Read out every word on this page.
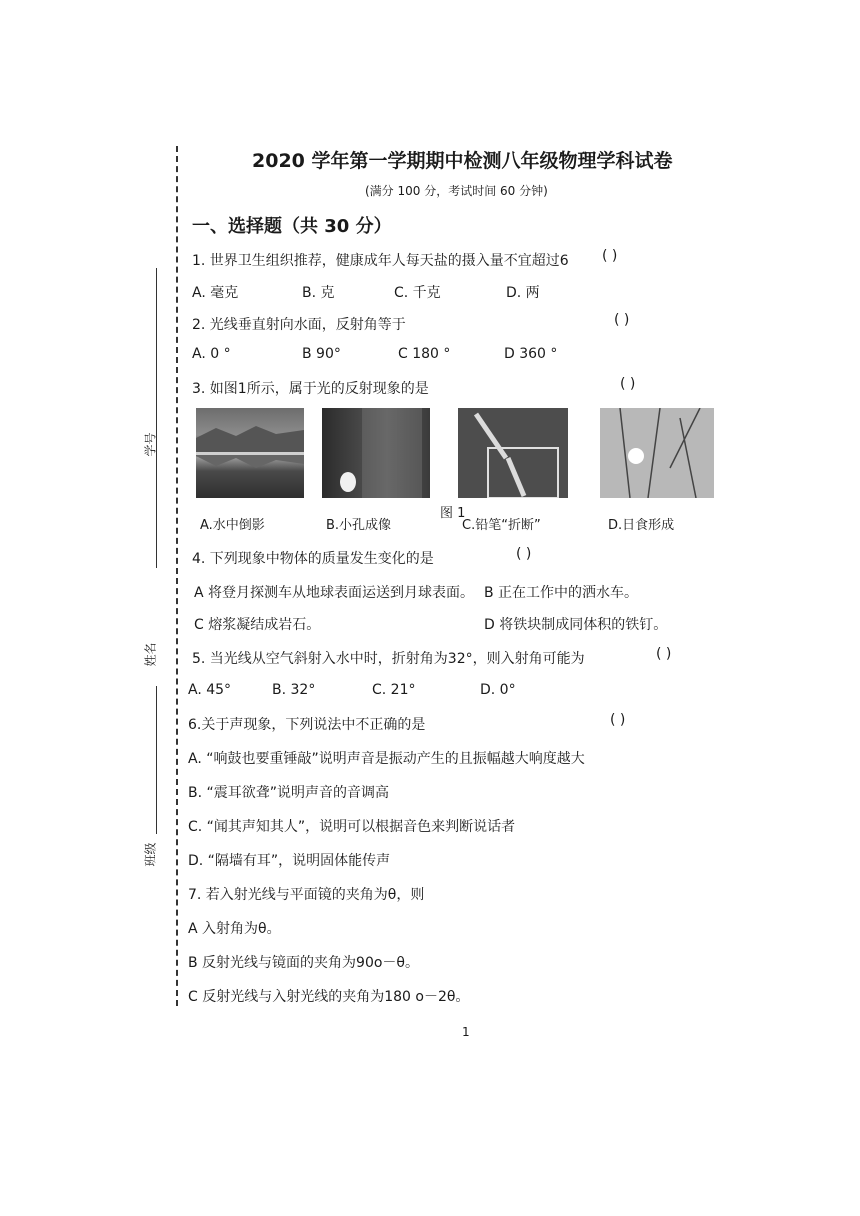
学号
姓名
班级
2020 学年第一学期期中检测八年级物理学科试卷
(满分 100 分，考试时间 60 分钟)
一、选择题（共 30 分）
1. 世界卫生组织推荐，健康成年人每天盐的摄入量不宜超过6 ( )
A. 毫克	B. 克	C. 千克	D. 两
2. 光线垂直射向水面，反射角等于	( )
A. 0 °	B 90°	C 180 °	D 360 °
3. 如图1所示，属于光的反射现象的是	( )
图 1
A.水中倒影	B.小孔成像	C.铅笔“折断”	D.日食形成
4. 下列现象中物体的质量发生变化的是	( )
A 将登月探测车从地球表面运送到月球表面。 B 正在工作中的洒水车。
C 熔浆凝结成岩石。	D 将铁块制成同体积的铁钉。
5. 当光线从空气斜射入水中时，折射角为32°，则入射角可能为	( )
A. 45°	B. 32°	C. 21°	D. 0°
6.关于声现象，下列说法中不正确的是	( )
A. “响鼓也要重锤敲”说明声音是振动产生的且振幅越大响度越大
B. “震耳欲聋”说明声音的音调高
C. “闻其声知其人”，说明可以根据音色来判断说话者
D. “隔墙有耳”，说明固体能传声
7. 若入射光线与平面镜的夹角为θ，则
A 入射角为θ。
B 反射光线与镜面的夹角为90o－θ。
C 反射光线与入射光线的夹角为180 o－2θ。
1
